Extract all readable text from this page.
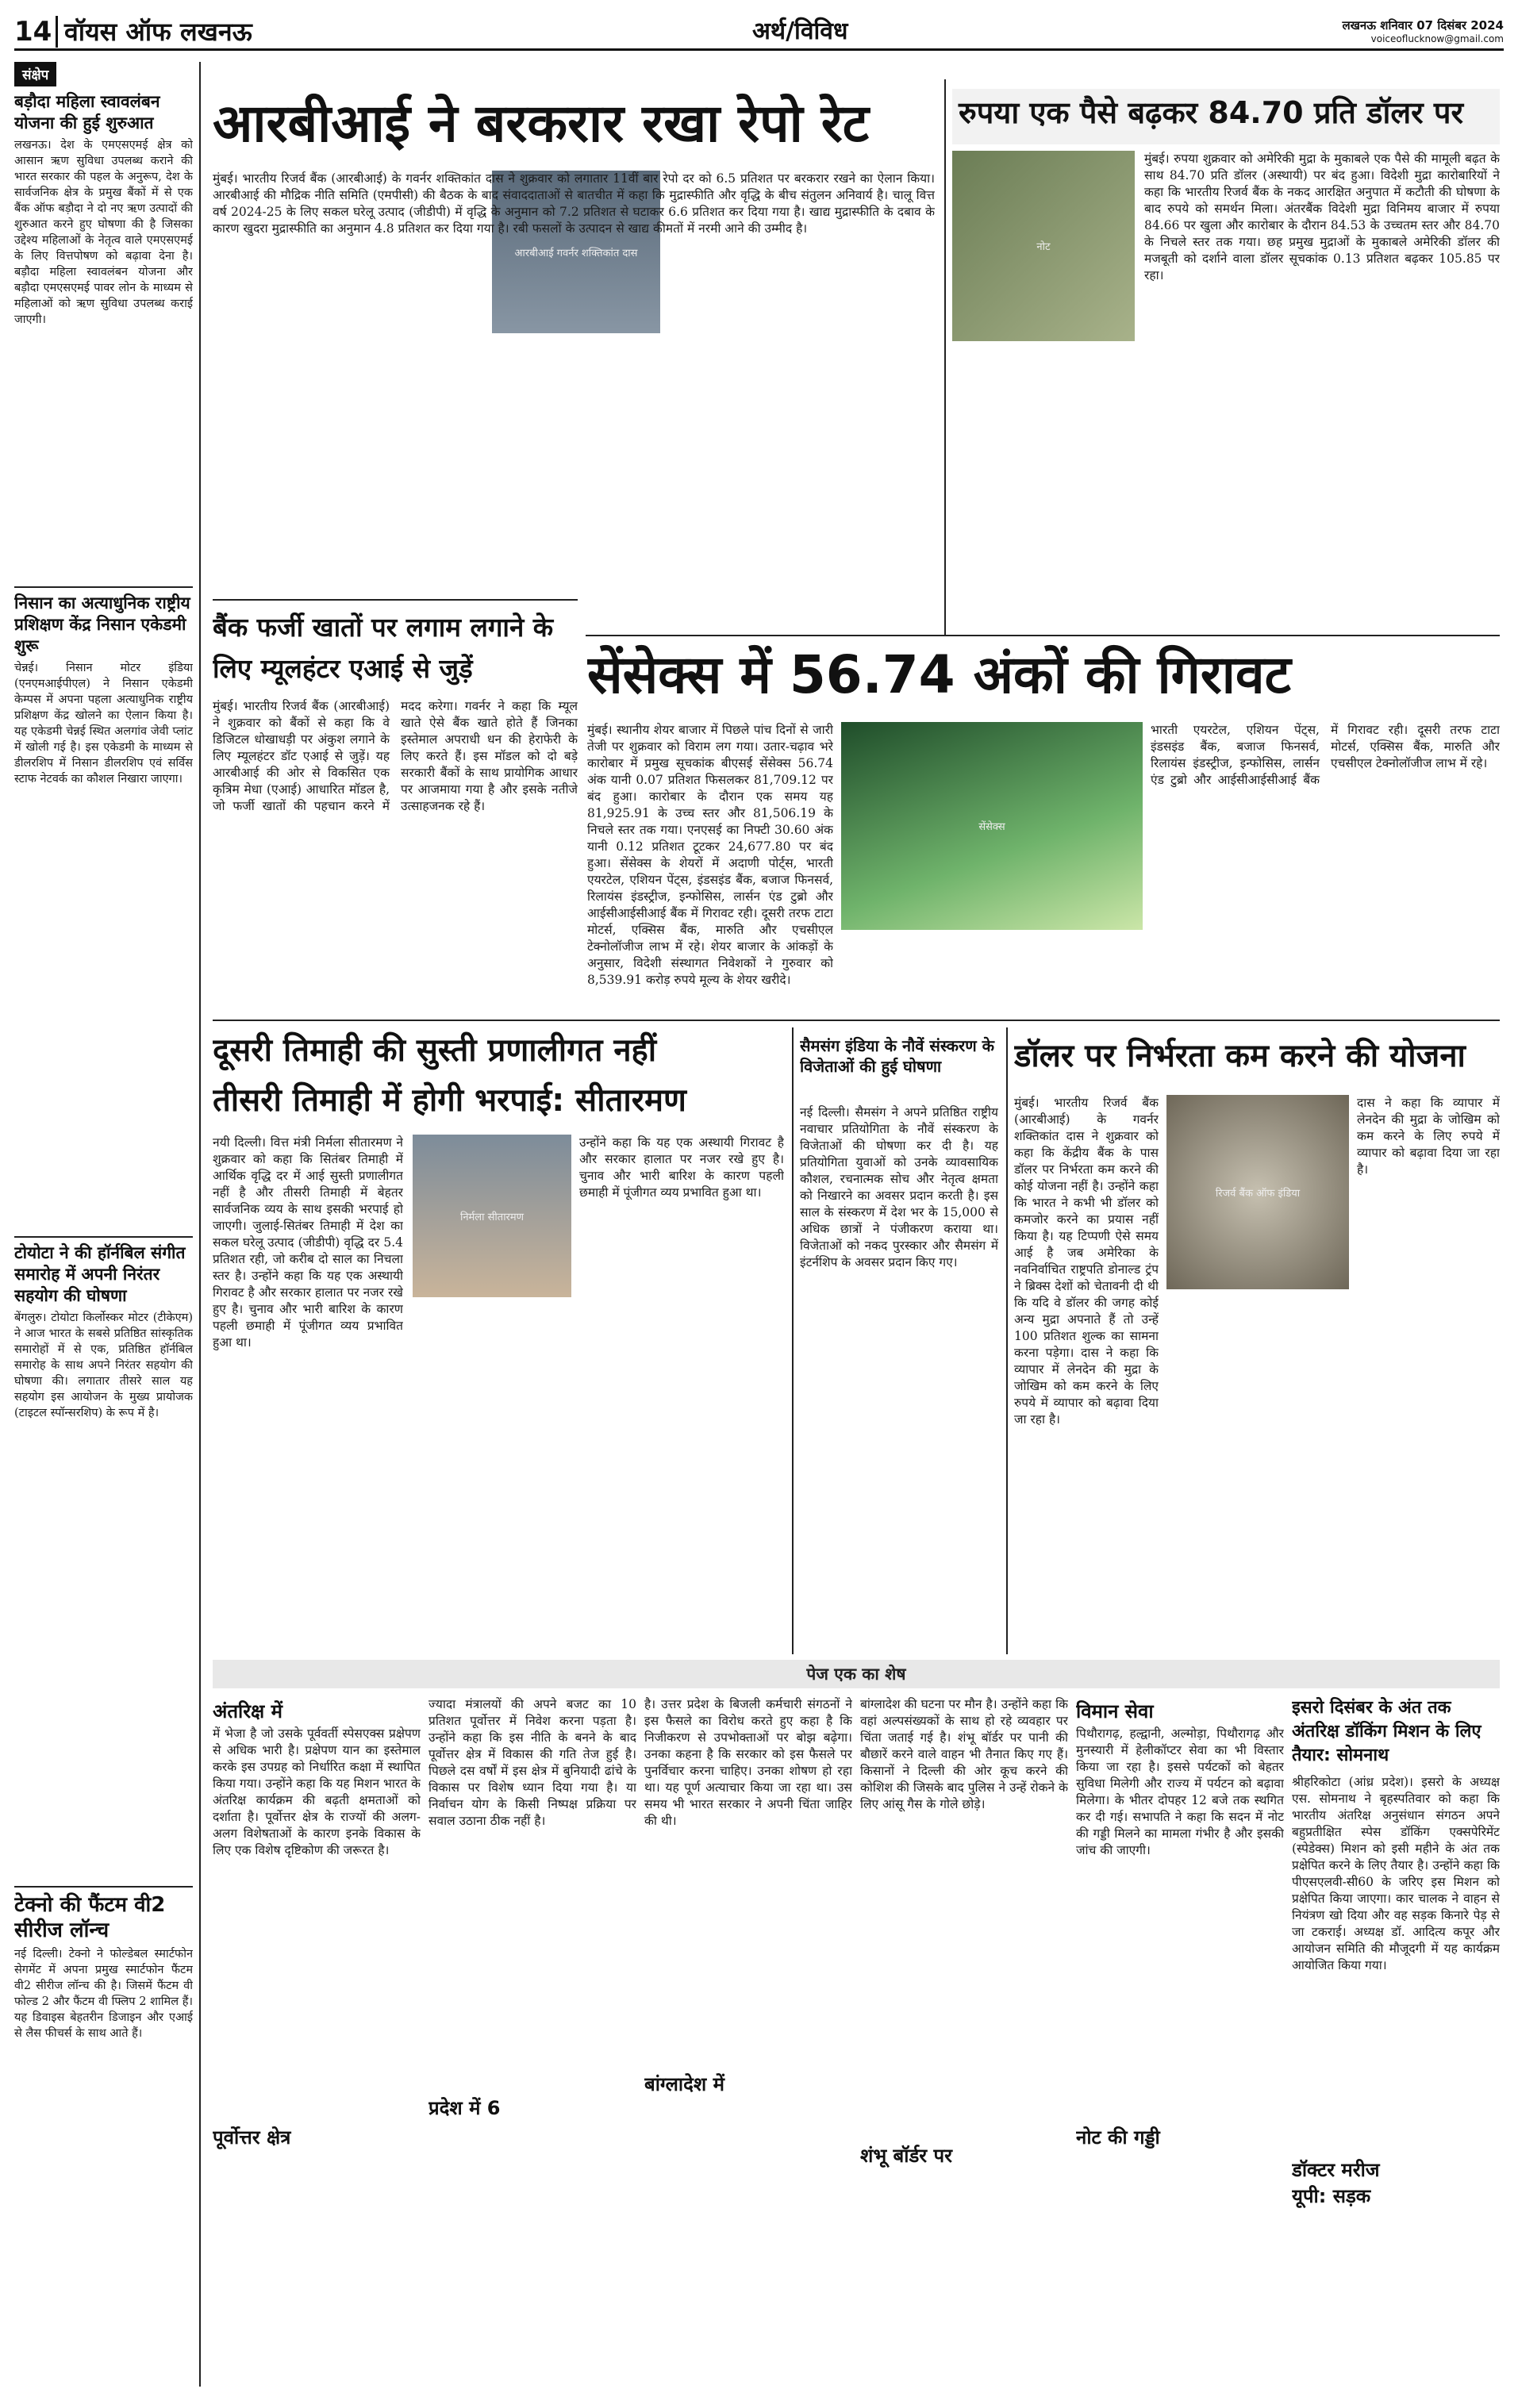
14 वॉयस ऑफ लखनऊ	अर्थ/विविध	लखनऊ शनिवार 07 दिसंबर 2024
voiceoflucknow@gmail.com
संक्षेप
बड़ौदा महिला स्वावलंबन योजना की हुई शुरुआत
लखनऊ। देश के एमएसएमई क्षेत्र को आसान ऋण सुविधा उपलब्ध कराने की भारत सरकार की पहल के अनुरूप, देश के सार्वजनिक क्षेत्र के प्रमुख बैंकों में से एक बैंक ऑफ बड़ौदा ने दो नए ऋण उत्पादों की शुरुआत करने हुए घोषणा की है जिसका उद्देश्य महिलाओं के नेतृत्व वाले एमएसएमई के लिए वित्तपोषण को बढ़ावा देना है। बड़ौदा महिला स्वावलंबन योजना और बड़ौदा एमएसएमई पावर लोन के माध्यम से महिलाओं को ऋण सुविधा उपलब्ध कराई जाएगी।
निसान का अत्याधुनिक राष्ट्रीय प्रशिक्षण केंद्र निसान एकेडमी शुरू
चेन्नई। निसान मोटर इंडिया (एनएमआईपीएल) ने निसान एकेडमी केम्पस में अपना पहला अत्याधुनिक राष्ट्रीय प्रशिक्षण केंद्र खोलने का ऐलान किया है। यह एकेडमी चेन्नई स्थित अलगांव जेवी प्लांट में खोली गई है। इस एकेडमी के माध्यम से डीलरशिप में निसान डीलरशिप एवं सर्विस स्टाफ नेटवर्क का कौशल निखारा जाएगा।
टोयोटा ने की हॉर्नबिल संगीत समारोह में अपनी निरंतर सहयोग की घोषणा
बेंगलुरु। टोयोटा किर्लोस्कर मोटर (टीकेएम) ने आज भारत के सबसे प्रतिष्ठित सांस्कृतिक समारोहों में से एक, प्रतिष्ठित हॉर्नबिल समारोह के साथ अपने निरंतर सहयोग की घोषणा की। लगातार तीसरे साल यह सहयोग इस आयोजन के मुख्य प्रायोजक (टाइटल स्पॉन्सरशिप) के रूप में है।
टेक्नो की फैंटम वी2 सीरीज लॉन्च
नई दिल्ली। टेक्नो ने फोल्डेबल स्मार्टफोन सेगमेंट में अपना प्रमुख स्मार्टफोन फैंटम वी2 सीरीज लॉन्च की है। जिसमें फैंटम वी फोल्ड 2 और फैंटम वी फ्लिप 2 शामिल हैं। यह डिवाइस बेहतरीन डिजाइन और एआई से लैस फीचर्स के साथ आते हैं।
आरबीआई ने बरकरार रखा रेपो रेट
आरबीआई गवर्नर शक्तिकांत दास
मुंबई। भारतीय रिजर्व बैंक (आरबीआई) के गवर्नर शक्तिकांत दास ने शुक्रवार को लगातार 11वीं बार रेपो दर को 6.5 प्रतिशत पर बरकरार रखने का ऐलान किया। आरबीआई की मौद्रिक नीति समिति (एमपीसी) की बैठक के बाद संवाददाताओं से बातचीत में कहा कि मुद्रास्फीति और वृद्धि के बीच संतुलन अनिवार्य है। चालू वित्त वर्ष 2024-25 के लिए सकल घरेलू उत्पाद (जीडीपी) में वृद्धि के अनुमान को 7.2 प्रतिशत से घटाकर 6.6 प्रतिशत कर दिया गया है। खाद्य मुद्रास्फीति के दबाव के कारण खुदरा मुद्रास्फीति का अनुमान 4.8 प्रतिशत कर दिया गया है। रबी फसलों के उत्पादन से खाद्य कीमतों में नरमी आने की उम्मीद है।
रुपया एक पैसे बढ़कर 84.70 प्रति डॉलर पर
नोट
मुंबई। रुपया शुक्रवार को अमेरिकी मुद्रा के मुकाबले एक पैसे की मामूली बढ़त के साथ 84.70 प्रति डॉलर (अस्थायी) पर बंद हुआ। विदेशी मुद्रा कारोबारियों ने कहा कि भारतीय रिजर्व बैंक के नकद आरक्षित अनुपात में कटौती की घोषणा के बाद रुपये को समर्थन मिला। अंतरबैंक विदेशी मुद्रा विनिमय बाजार में रुपया 84.66 पर खुला और कारोबार के दौरान 84.53 के उच्चतम स्तर और 84.70 के निचले स्तर तक गया। छह प्रमुख मुद्राओं के मुकाबले अमेरिकी डॉलर की मजबूती को दर्शाने वाला डॉलर सूचकांक 0.13 प्रतिशत बढ़कर 105.85 पर रहा।
बैंक फर्जी खातों पर लगाम लगाने के लिए म्यूलहंटर एआई से जुड़ें
मुंबई। भारतीय रिजर्व बैंक (आरबीआई) ने शुक्रवार को बैंकों से कहा कि वे डिजिटल धोखाधड़ी पर अंकुश लगाने के लिए म्यूलहंटर डॉट एआई से जुड़ें। यह आरबीआई की ओर से विकसित एक कृत्रिम मेधा (एआई) आधारित मॉडल है, जो फर्जी खातों की पहचान करने में मदद करेगा। गवर्नर ने कहा कि म्यूल खाते ऐसे बैंक खाते होते हैं जिनका इस्तेमाल अपराधी धन की हेराफेरी के लिए करते हैं। इस मॉडल को दो बड़े सरकारी बैंकों के साथ प्रायोगिक आधार पर आजमाया गया है और इसके नतीजे उत्साहजनक रहे हैं।
सेंसेक्स में 56.74 अंकों की गिरावट
सेंसेक्स
मुंबई। स्थानीय शेयर बाजार में पिछले पांच दिनों से जारी तेजी पर शुक्रवार को विराम लग गया। उतार-चढ़ाव भरे कारोबार में प्रमुख सूचकांक बीएसई सेंसेक्स 56.74 अंक यानी 0.07 प्रतिशत फिसलकर 81,709.12 पर बंद हुआ। कारोबार के दौरान एक समय यह 81,925.91 के उच्च स्तर और 81,506.19 के निचले स्तर तक गया। एनएसई का निफ्टी 30.60 अंक यानी 0.12 प्रतिशत टूटकर 24,677.80 पर बंद हुआ। सेंसेक्स के शेयरों में अदाणी पोर्ट्स, भारती एयरटेल, एशियन पेंट्स, इंडसइंड बैंक, बजाज फिनसर्व, रिलायंस इंडस्ट्रीज, इन्फोसिस, लार्सन एंड टुब्रो और आईसीआईसीआई बैंक में गिरावट रही। दूसरी तरफ टाटा मोटर्स, एक्सिस बैंक, मारुति और एचसीएल टेक्नोलॉजीज लाभ में रहे। शेयर बाजार के आंकड़ों के अनुसार, विदेशी संस्थागत निवेशकों ने गुरुवार को 8,539.91 करोड़ रुपये मूल्य के शेयर खरीदे।
भारती एयरटेल, एशियन पेंट्स, इंडसइंड बैंक, बजाज फिनसर्व, रिलायंस इंडस्ट्रीज, इन्फोसिस, लार्सन एंड टुब्रो और आईसीआईसीआई बैंक में गिरावट रही। दूसरी तरफ टाटा मोटर्स, एक्सिस बैंक, मारुति और एचसीएल टेक्नोलॉजीज लाभ में रहे।
दूसरी तिमाही की सुस्ती प्रणालीगत नहीं
तीसरी तिमाही में होगी भरपाई: सीतारमण
निर्मला सीतारमण
नयी दिल्ली। वित्त मंत्री निर्मला सीतारमण ने शुक्रवार को कहा कि सितंबर तिमाही में आर्थिक वृद्धि दर में आई सुस्ती प्रणालीगत नहीं है और तीसरी तिमाही में बेहतर सार्वजनिक व्यय के साथ इसकी भरपाई हो जाएगी। जुलाई-सितंबर तिमाही में देश का सकल घरेलू उत्पाद (जीडीपी) वृद्धि दर 5.4 प्रतिशत रही, जो करीब दो साल का निचला स्तर है। उन्होंने कहा कि यह एक अस्थायी गिरावट है और सरकार हालात पर नजर रखे हुए है। चुनाव और भारी बारिश के कारण पहली छमाही में पूंजीगत व्यय प्रभावित हुआ था।
उन्होंने कहा कि यह एक अस्थायी गिरावट है और सरकार हालात पर नजर रखे हुए है। चुनाव और भारी बारिश के कारण पहली छमाही में पूंजीगत व्यय प्रभावित हुआ था।
सैमसंग इंडिया के नौवें संस्करण के विजेताओं की हुई घोषणा
नई दिल्ली। सैमसंग ने अपने प्रतिष्ठित राष्ट्रीय नवाचार प्रतियोगिता के नौवें संस्करण के विजेताओं की घोषणा कर दी है। यह प्रतियोगिता युवाओं को उनके व्यावसायिक कौशल, रचनात्मक सोच और नेतृत्व क्षमता को निखारने का अवसर प्रदान करती है। इस साल के संस्करण में देश भर के 15,000 से अधिक छात्रों ने पंजीकरण कराया था। विजेताओं को नकद पुरस्कार और सैमसंग में इंटर्नशिप के अवसर प्रदान किए गए।
डॉलर पर निर्भरता कम करने की योजना
रिजर्व बैंक ऑफ इंडिया
मुंबई। भारतीय रिजर्व बैंक (आरबीआई) के गवर्नर शक्तिकांत दास ने शुक्रवार को कहा कि केंद्रीय बैंक के पास डॉलर पर निर्भरता कम करने की कोई योजना नहीं है। उन्होंने कहा कि भारत ने कभी भी डॉलर को कमजोर करने का प्रयास नहीं किया है। यह टिप्पणी ऐसे समय आई है जब अमेरिका के नवनिर्वाचित राष्ट्रपति डोनाल्ड ट्रंप ने ब्रिक्स देशों को चेतावनी दी थी कि यदि वे डॉलर की जगह कोई अन्य मुद्रा अपनाते हैं तो उन्हें 100 प्रतिशत शुल्क का सामना करना पड़ेगा। दास ने कहा कि व्यापार में लेनदेन की मुद्रा के जोखिम को कम करने के लिए रुपये में व्यापार को बढ़ावा दिया जा रहा है।
दास ने कहा कि व्यापार में लेनदेन की मुद्रा के जोखिम को कम करने के लिए रुपये में व्यापार को बढ़ावा दिया जा रहा है।
पेज एक का शेष
अंतरिक्ष में
में भेजा है जो उसके पूर्ववर्ती स्पेसएक्स प्रक्षेपण से अधिक भारी है। प्रक्षेपण यान का इस्तेमाल करके इस उपग्रह को निर्धारित कक्षा में स्थापित किया गया। उन्होंने कहा कि यह मिशन भारत के अंतरिक्ष कार्यक्रम की बढ़ती क्षमताओं को दर्शाता है। पूर्वोत्तर क्षेत्र के राज्यों की अलग-अलग विशेषताओं के कारण इनके विकास के लिए एक विशेष दृष्टिकोण की जरूरत है।
पूर्वोत्तर क्षेत्र
ज्यादा मंत्रालयों की अपने बजट का 10 प्रतिशत पूर्वोत्तर में निवेश करना पड़ता है। उन्होंने कहा कि इस नीति के बनने के बाद पूर्वोत्तर क्षेत्र में विकास की गति तेज हुई है। पिछले दस वर्षों में इस क्षेत्र में बुनियादी ढांचे के विकास पर विशेष ध्यान दिया गया है। या निर्वाचन योग के किसी निष्पक्ष प्रक्रिया पर सवाल उठाना ठीक नहीं है।
प्रदेश में 6
है। उत्तर प्रदेश के बिजली कर्मचारी संगठनों ने इस फैसले का विरोध करते हुए कहा है कि निजीकरण से उपभोक्ताओं पर बोझ बढ़ेगा। उनका कहना है कि सरकार को इस फैसले पर पुनर्विचार करना चाहिए। उनका शोषण हो रहा था। यह पूर्ण अत्याचार किया जा रहा था। उस समय भी भारत सरकार ने अपनी चिंता जाहिर की थी।
बांग्लादेश में
बांग्लादेश की घटना पर मौन है। उन्होंने कहा कि वहां अल्पसंख्यकों के साथ हो रहे व्यवहार पर चिंता जताई गई है। शंभू बॉर्डर पर पानी की बौछारें करने वाले वाहन भी तैनात किए गए हैं। किसानों ने दिल्ली की ओर कूच करने की कोशिश की जिसके बाद पुलिस ने उन्हें रोकने के लिए आंसू गैस के गोले छोड़े।
शंभू बॉर्डर पर
विमान सेवा
पिथौरागढ़, हल्द्वानी, अल्मोड़ा, पिथौरागढ़ और मुनस्यारी में हेलीकॉप्टर सेवा का भी विस्तार किया जा रहा है। इससे पर्यटकों को बेहतर सुविधा मिलेगी और राज्य में पर्यटन को बढ़ावा मिलेगा। के भीतर दोपहर 12 बजे तक स्थगित कर दी गई। सभापति ने कहा कि सदन में नोट की गड्डी मिलने का मामला गंभीर है और इसकी जांच की जाएगी।
नोट की गड्डी
इसरो दिसंबर के अंत तक अंतरिक्ष डॉकिंग मिशन के लिए तैयार: सोमनाथ
श्रीहरिकोटा (आंध्र प्रदेश)। इसरो के अध्यक्ष एस. सोमनाथ ने बृहस्पतिवार को कहा कि भारतीय अंतरिक्ष अनुसंधान संगठन अपने बहुप्रतीक्षित स्पेस डॉकिंग एक्सपेरिमेंट (स्पेडेक्स) मिशन को इसी महीने के अंत तक प्रक्षेपित करने के लिए तैयार है। उन्होंने कहा कि पीएसएलवी-सी60 के जरिए इस मिशन को प्रक्षेपित किया जाएगा। कार चालक ने वाहन से नियंत्रण खो दिया और वह सड़क किनारे पेड़ से जा टकराई। अध्यक्ष डॉ. आदित्य कपूर और आयोजन समिति की मौजूदगी में यह कार्यक्रम आयोजित किया गया।
डॉक्टर मरीज
यूपी: सड़क
